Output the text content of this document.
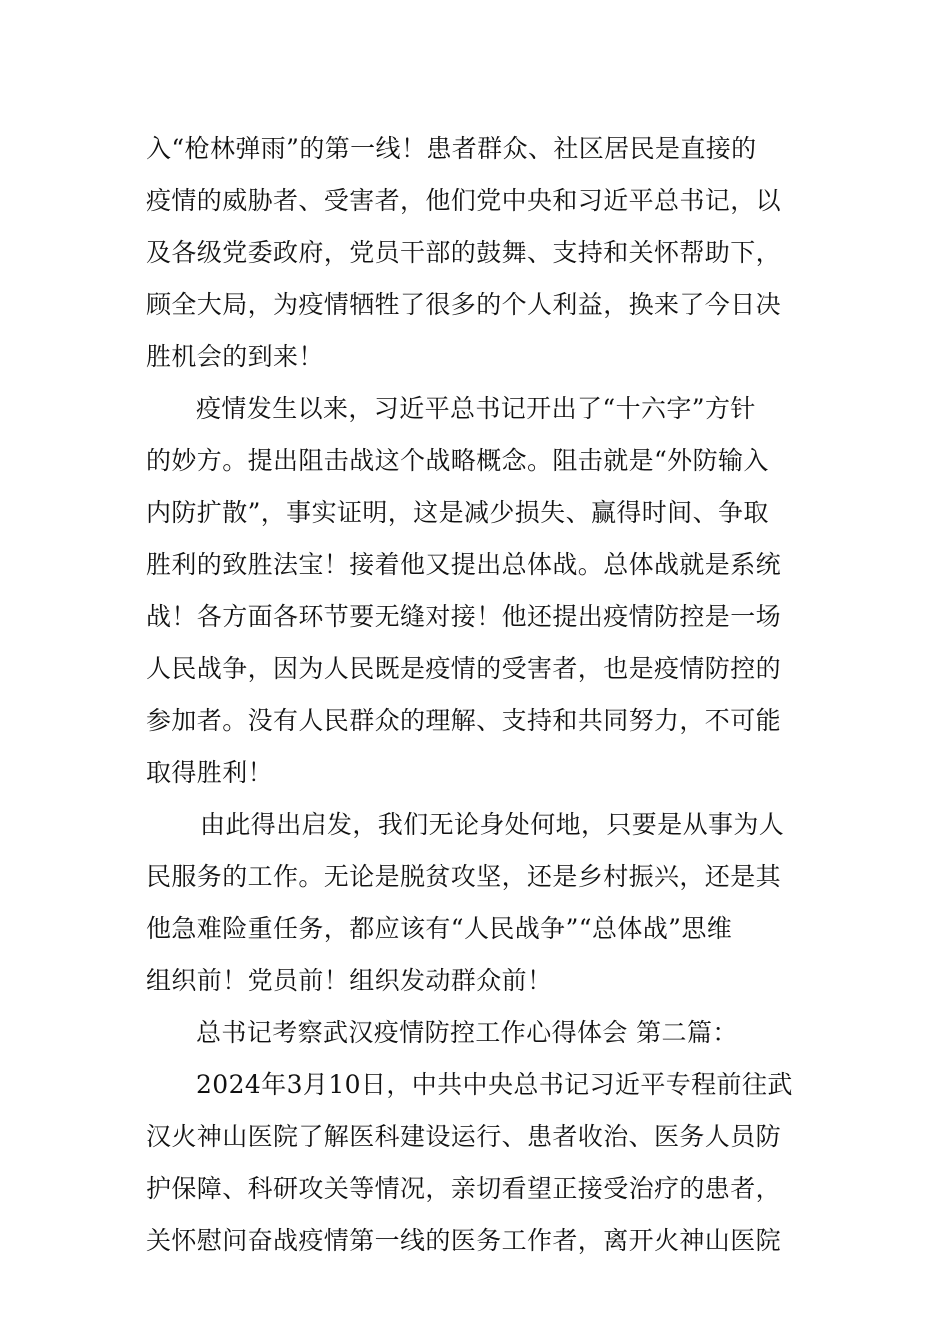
入“枪林弹雨”的第一线！患者群众、社区居民是直接的
疫情的威胁者、受害者，他们党中央和习近平总书记，以
及各级党委政府，党员干部的鼓舞、支持和关怀帮助下，
顾全大局，为疫情牺牲了很多的个人利益，换来了今日决
胜机会的到来！
疫情发生以来，习近平总书记开出了“十六字”方针
的妙方。提出阻击战这个战略概念。阻击就是“外防输入
内防扩散”，事实证明，这是减少损失、赢得时间、争取
胜利的致胜法宝！接着他又提出总体战。总体战就是系统
战！各方面各环节要无缝对接！他还提出疫情防控是一场
人民战争，因为人民既是疫情的受害者，也是疫情防控的
参加者。没有人民群众的理解、支持和共同努力，不可能
取得胜利！
由此得出启发，我们无论身处何地，只要是从事为人
民服务的工作。无论是脱贫攻坚，还是乡村振兴，还是其
他急难险重任务，都应该有“人民战争”“总体战”思维
组织前！党员前！组织发动群众前！
总书记考察武汉疫情防控工作心得体会 第二篇：
2024年3月10日，中共中央总书记习近平专程前往武
汉火神山医院了解医科建设运行、患者收治、医务人员防
护保障、科研攻关等情况，亲切看望正接受治疗的患者，
关怀慰问奋战疫情第一线的医务工作者，离开火神山医院
